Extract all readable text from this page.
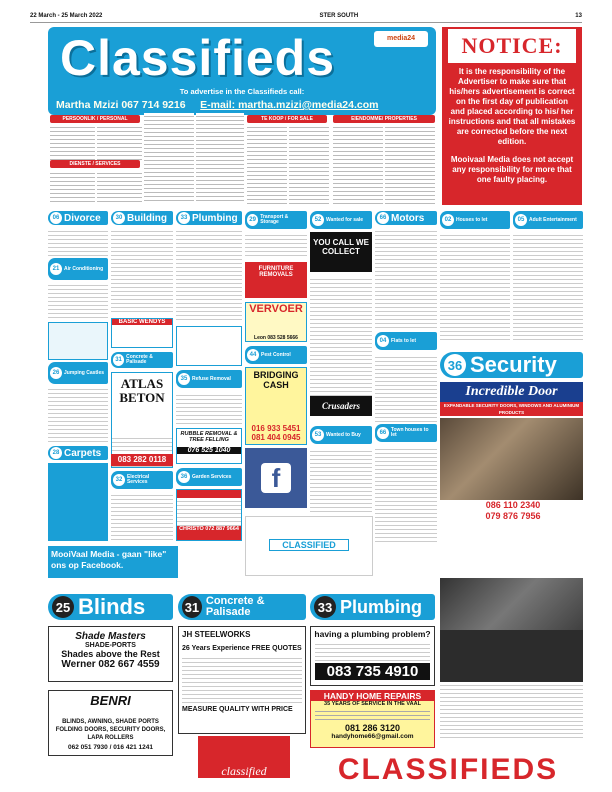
22 March - 25 March 2022	STER SOUTH	13
Classifieds	media24
To advertise in the Classifieds call:
Martha Mzizi 067 714 9216 E-mail: martha.mzizi@media24.com
NOTICE:

It is the responsibility of the Advertiser to make sure that his/hers advertisement is correct on the first day of publication and placed according to his/ her instructions and that all mistakes are corrected before the next edition.

Mooivaal Media does not accept any responsibility for more that one faulty placing.

PERSOONLIK / PERSONAL
DIENSTE / SERVICES
TE KOOP / FOR SALE	EIENDOMME/ PROPERTIES
06 Divorce
21 Air Conditioning
26 Jumping Castles
28 Carpets
30 Building
BASIC WENDYS
31 Concrete & Palisade
ATLAS BETON
083 282 0118
32 Electrical Services
33 Plumbing
35 Refuse Removal
RUBBLE REMOVAL & TREE FELLING
076 525 1040
36 Garden Services
CHRISTO 072 887 9664
29 Transport & Storage
FURNITURE REMOVALS
VERVOER
Leon 083 528 5666
44 Pest Control
BRIDGING CASH
016 933 5451 081 404 0945
f
52 Wanted for sale
YOU CALL WE COLLECT
Crusaders
53 Wanted to Buy
66 Motors
04 Flats to let
66 Town houses to let
02 Houses to let	05 Adult Entertainment
36 Security
Incredible Door
EXPANDABLE SECURITY DOORS, WINDOWS AND ALUMINIUM PRODUCTS
086 110 2340 079 876 7956
MooiVaal Media - gaan "like" ons op Facebook.
CLASSIFIED
25 Blinds	31 Concrete & Palisade	33 Plumbing
Shade Masters
SHADE-PORTS
Shades above the Rest
Werner 082 667 4559
BENRI
BLINDS, AWNING, SHADE PORTS FOLDING DOORS, SECURITY DOORS, LAPA ROLLERS
062 051 7930 / 016 421 1241
JH STEELWORKS
26 Years Experience FREE QUOTES
MEASURE QUALITY WITH PRICE
classified
having a plumbing problem?
083 735 4910
HANDY HOME REPAIRS
35 YEARS OF SERVICE IN THE VAAL
081 286 3120
handyhome66@gmail.com
CLASSIFIEDS
